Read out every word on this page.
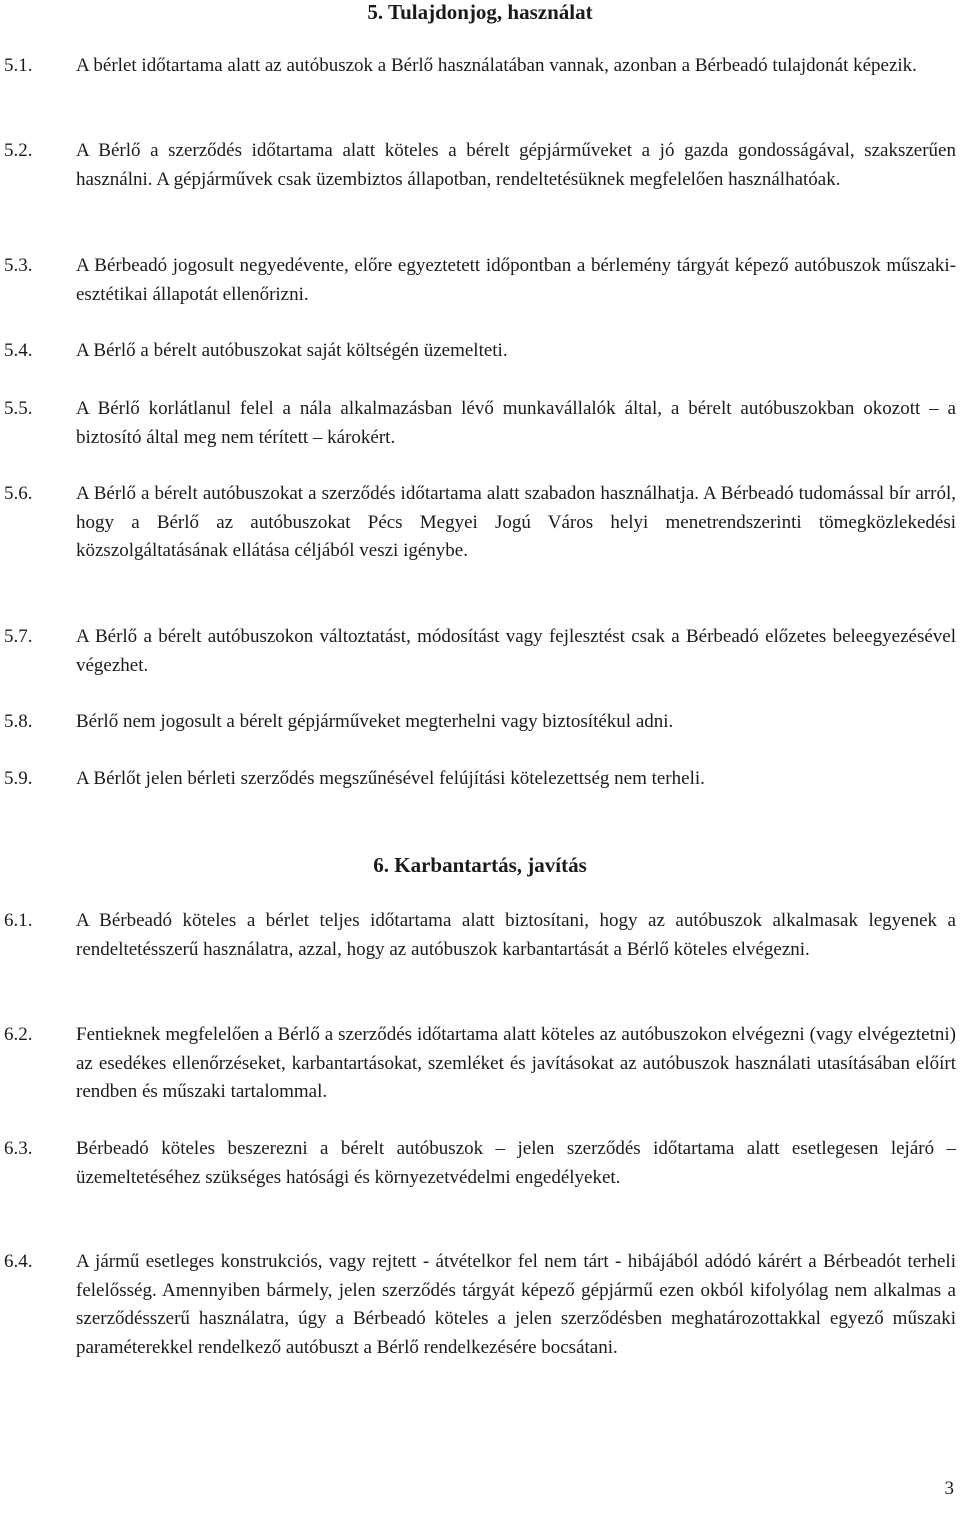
5. Tulajdonjog, használat
5.1. A bérlet időtartama alatt az autóbuszok a Bérlő használatában vannak, azonban a Bérbeadó tulajdonát képezik.

5.2. A Bérlő a szerződés időtartama alatt köteles a bérelt gépjárműveket a jó gazda gondosságával, szakszerűen használni. A gépjárművek csak üzembiztos állapotban, rendeltetésüknek megfelelően használhatóak.

5.3. A Bérbeadó jogosult negyedévente, előre egyeztetett időpontban a bérlemény tárgyát képező autóbuszok műszaki-esztétikai állapotát ellenőrizni.

5.4. A Bérlő a bérelt autóbuszokat saját költségén üzemelteti.

5.5. A Bérlő korlátlanul felel a nála alkalmazásban lévő munkavállalók által, a bérelt autóbuszokban okozott – a biztosító által meg nem térített – károkért.

5.6. A Bérlő a bérelt autóbuszokat a szerződés időtartama alatt szabadon használhatja. A Bérbeadó tudomással bír arról, hogy a Bérlő az autóbuszokat Pécs Megyei Jogú Város helyi menetrendszerinti tömegközlekedési közszolgáltatásának ellátása céljából veszi igénybe.

5.7. A Bérlő a bérelt autóbuszokon változtatást, módosítást vagy fejlesztést csak a Bérbeadó előzetes beleegyezésével végezhet.

5.8. Bérlő nem jogosult a bérelt gépjárműveket megterhelni vagy biztosítékul adni.

5.9. A Bérlőt jelen bérleti szerződés megszűnésével felújítási kötelezettség nem terheli.

6. Karbantartás, javítás
6.1. A Bérbeadó köteles a bérlet teljes időtartama alatt biztosítani, hogy az autóbuszok alkalmasak legyenek a rendeltetésszerű használatra, azzal, hogy az autóbuszok karbantartását a Bérlő köteles elvégezni.

6.2. Fentieknek megfelelően a Bérlő a szerződés időtartama alatt köteles az autóbuszokon elvégezni (vagy elvégeztetni) az esedékes ellenőrzéseket, karbantartásokat, szemléket és javításokat az autóbuszok használati utasításában előírt rendben és műszaki tartalommal.

6.3. Bérbeadó köteles beszerezni a bérelt autóbuszok – jelen szerződés időtartama alatt esetlegesen lejáró – üzemeltetéséhez szükséges hatósági és környezetvédelmi engedélyeket.

6.4. A jármű esetleges konstrukciós, vagy rejtett - átvételkor fel nem tárt - hibájából adódó kárért a Bérbeadót terheli felelősség. Amennyiben bármely, jelen szerződés tárgyát képező gépjármű ezen okból kifolyólag nem alkalmas a szerződésszerű használatra, úgy a Bérbeadó köteles a jelen szerződésben meghatározottakkal egyező műszaki paraméterekkel rendelkező autóbuszt a Bérlő rendelkezésére bocsátani.

3
